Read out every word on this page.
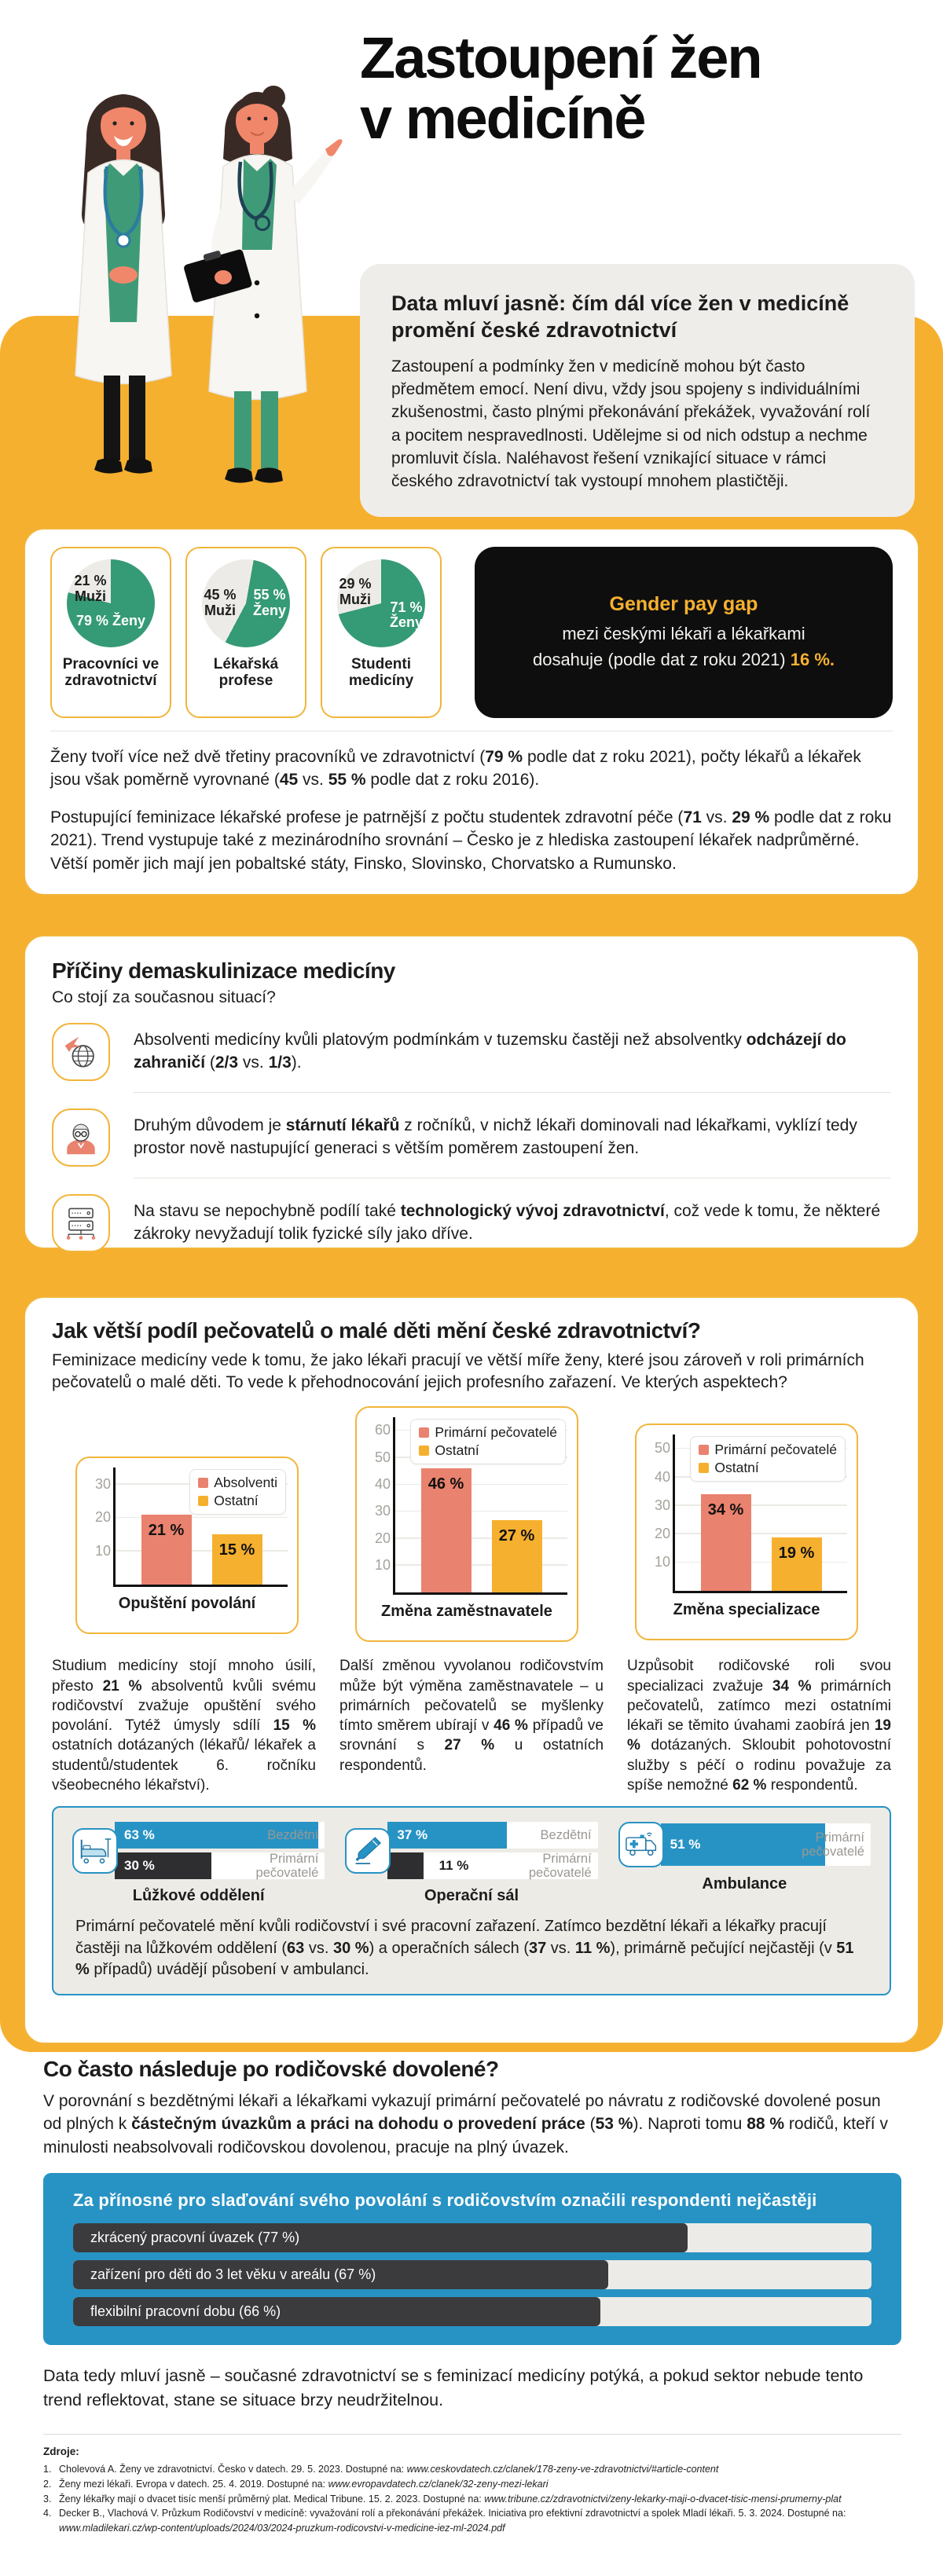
Zastoupení žen
v medicíně
Data mluví jasně: čím dál více žen v medicíně promění české zdravotnictví

Zastoupení a podmínky žen v medicíně mohou být často předmětem emocí. Není divu, vždy jsou spojeny s individuálními zkušenostmi, často plnými překonávání překážek, vyvažování rolí a pocitem nespravedlnosti. Udělejme si od nich odstup a nechme promluvit čísla. Naléhavost řešení vznikající situace v rámci českého zdravotnictví tak vystoupí mnohem plastičtěji.

21 %
Muži
79 % Ženy
Pracovníci ve zdravotnictví
45 %
Muži
55 %
Ženy
Lékařská profese
29 %
Muži	71 %
Ženy
Studenti medicíny
Gender pay gap
mezi českými lékaři a lékařkami
dosahuje (podle dat z roku 2021) 16 %.

Ženy tvoří více než dvě třetiny pracovníků ve zdravotnictví (79 % podle dat z roku 2021), počty lékařů a lékařek jsou však poměrně vyrovnané (45 vs. 55 % podle dat z roku 2016).

Postupující feminizace lékařské profese je patrnější z počtu studentek zdravotní péče (71 vs. 29 % podle dat z roku 2021). Trend vystupuje také z mezinárodního srovnání – Česko je z hlediska zastoupení lékařek nadprůměrné. Větší poměr jich mají jen pobaltské státy, Finsko, Slovinsko, Chorvatsko a Rumunsko.

Příčiny demaskulinizace medicíny
Co stojí za současnou situací?
Absolventi medicíny kvůli platovým podmínkám v tuzemsku častěji než absolventky odcházejí do zahraničí (2/3 vs. 1/3).
Druhým důvodem je stárnutí lékařů z ročníků, v nichž lékaři dominovali nad lékařkami, vyklízí tedy prostor nově nastupující generaci s větším poměrem zastoupení žen.
Na stavu se nepochybně podílí také technologický vývoj zdravotnictví, což vede k tomu, že některé zákroky nevyžadují tolik fyzické síly jako dříve.
Jak větší podíl pečovatelů o malé děti mění české zdravotnictví?

Feminizace medicíny vede k tomu, že jako lékaři pracují ve větší míře ženy, které jsou zároveň v roli primárních pečovatelů o malé děti. To vede k přehodnocování jejich profesního zařazení. Ve kterých aspektech?

10
20
30
21 %
15 %
Absolventi
Ostatní
Opuštění povolání
10
20
30
40
50
60
46 %
27 %
Primární pečovatelé
Ostatní
Změna zaměstnavatele
10
20
30
40
50
34 %
19 %
Primární pečovatelé
Ostatní
Změna specializace
Studium medicíny stojí mnoho úsilí, přesto 21 % absolventů kvůli svému rodičovství zvažuje opuštění svého povolání. Tytéž úmysly sdílí 15 % ostatních dotázaných (lékařů/ lékařek a studentů/studentek 6. ročníku všeobecného lékařství).
Další změnou vyvolanou rodičovstvím může být výměna zaměstnavatele – u primárních pečovatelů se myšlenky tímto směrem ubírají v 46 % případů ve srovnání s 27 % u ostatních respondentů.
Uzpůsobit rodičovské roli svou specializaci zvažuje 34 % primárních pečovatelů, zatímco mezi ostatními lékaři se těmito úvahami zaobírá jen 19 % dotázaných. Skloubit pohotovostní služby s péčí o rodinu považuje za spíše nemožné 62 % respondentů.
63 %	Bezdětní
30 %	Primární pečovatelé
Lůžkové oddělení
37 %	Bezdětní
11 %	Primární pečovatelé
Operační sál
51 %	Primární pečovatelé
Ambulance

Primární pečovatelé mění kvůli rodičovství i své pracovní zařazení. Zatímco bezdětní lékaři a lékařky pracují častěji na lůžkovém oddělení (63 vs. 30 %) a operačních sálech (37 vs. 11 %), primárně pečující nejčastěji (v 51 % případů) uvádějí působení v ambulanci.

Co často následuje po rodičovské dovolené?

V porovnání s bezdětnými lékaři a lékařkami vykazují primární pečovatelé po návratu z rodičovské dovolené posun od plných k částečným úvazkům a práci na dohodu o provedení práce (53 %). Naproti tomu 88 % rodičů, kteří v minulosti neabsolvovali rodičovskou dovolenou, pracuje na plný úvazek.

Za přínosné pro slaďování svého povolání s rodičovstvím označili respondenti nejčastěji
zkrácený pracovní úvazek (77 %)
zařízení pro děti do 3 let věku v areálu (67 %)
flexibilní pracovní dobu (66 %)

Data tedy mluví jasně – současné zdravotnictví se s feminizací medicíny potýká, a pokud sektor nebude tento trend reflektovat, stane se situace brzy neudržitelnou.

Zdroje:
Cholevová A. Ženy ve zdravotnictví. Česko v datech. 29. 5. 2023. Dostupné na: www.ceskovdatech.cz/clanek/178-zeny-ve-zdravotnictvi/#article-content
Ženy mezi lékaři. Evropa v datech. 25. 4. 2019. Dostupné na: www.evropavdatech.cz/clanek/32-zeny-mezi-lekari
Ženy lékařky mají o dvacet tisíc menší průměrný plat. Medical Tribune. 15. 2. 2023. Dostupné na: www.tribune.cz/zdravotnictvi/zeny-lekarky-maji-o-dvacet-tisic-mensi-prumerny-plat
Decker B., Vlachová V. Průzkum Rodičovství v medicíně: vyvažování rolí a překonávání překážek. Iniciativa pro efektivní zdravotnictví a spolek Mladí lékaři. 5. 3. 2024. Dostupné na: www.mladilekari.cz/wp-content/uploads/2024/03/2024-pruzkum-rodicovstvi-v-medicine-iez-ml-2024.pdf
